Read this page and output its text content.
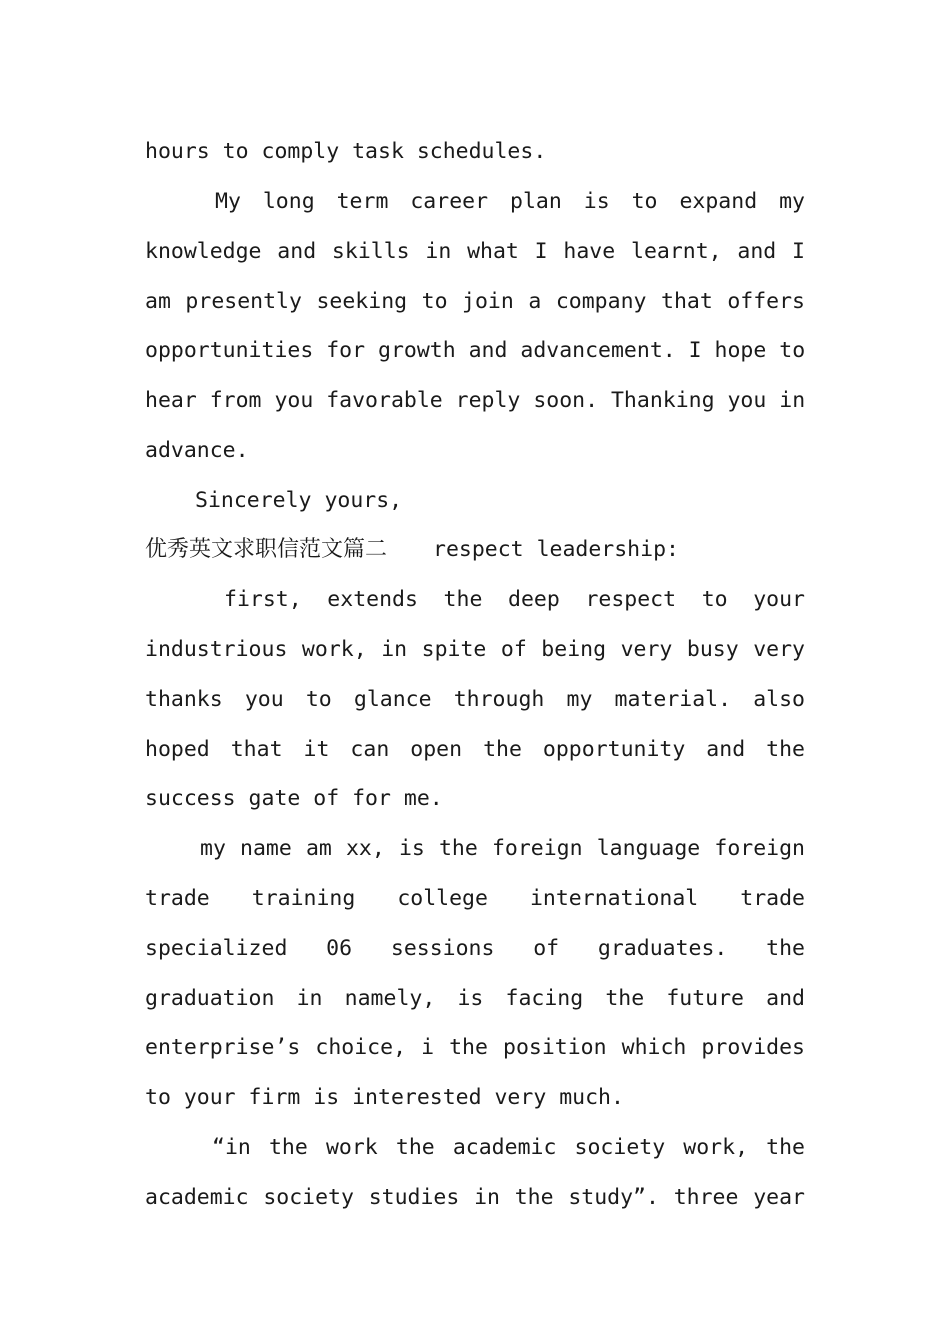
hours to comply task schedules.
My long term career plan is to expand my
knowledge and skills in what I have learnt, and I
am presently seeking to join a company that offers
opportunities for growth and advancement. I hope to
hear from you favorable reply soon. Thanking you in
advance.
Sincerely yours,
优秀英文求职信范文篇二 respect leadership:
first, extends the deep respect to your
industrious work, in spite of being very busy very
thanks you to glance through my material. also
hoped that it can open the opportunity and the
success gate of for me.
my name am xx, is the foreign language foreign
trade training college international trade
specialized 06 sessions of graduates. the
graduation in namely, is facing the future and
enterprise’s choice, i the position which provides
to your firm is interested very much.
“in the work the academic society work, the
academic society studies in the study”. three year
